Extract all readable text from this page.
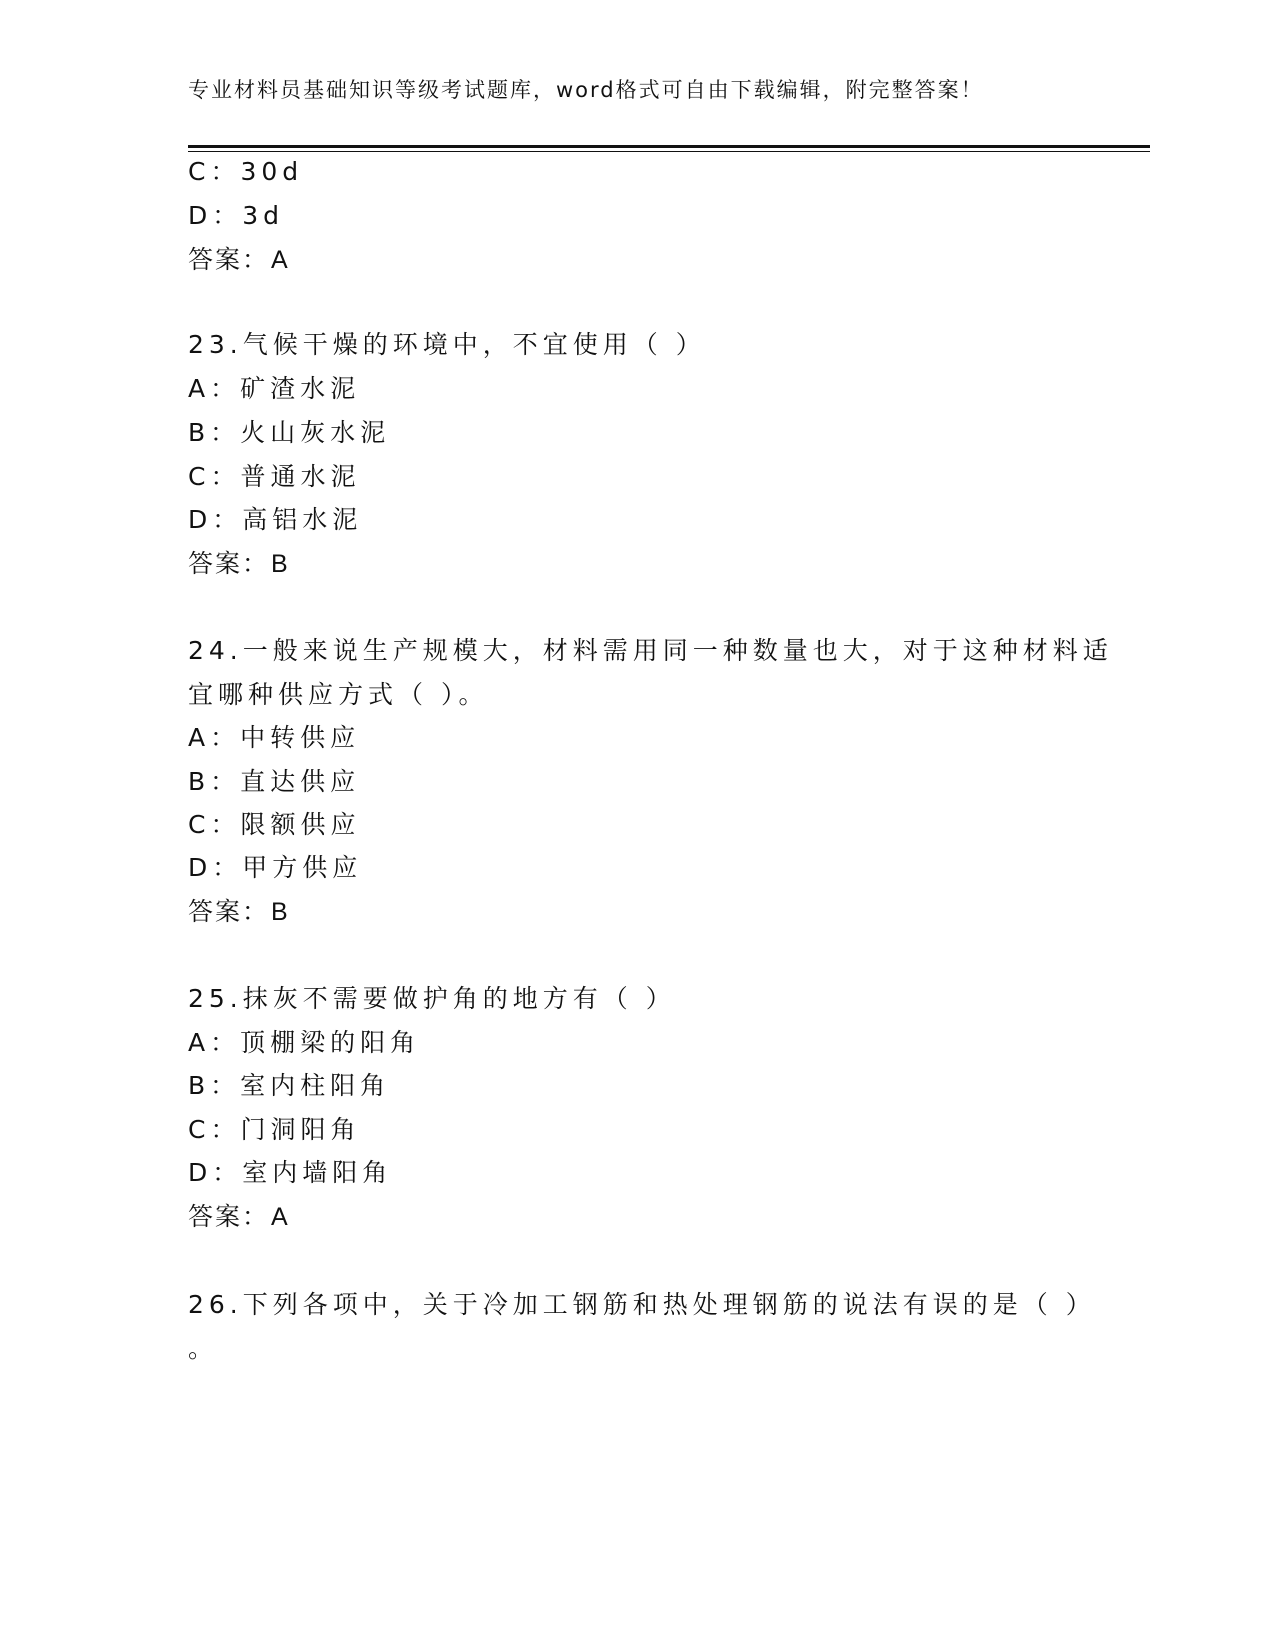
专业材料员基础知识等级考试题库，word格式可自由下载编辑，附完整答案！
C：30d
D：3d
答案：A
23.气候干燥的环境中，不宜使用（ ）
A：矿渣水泥
B：火山灰水泥
C：普通水泥
D：高铝水泥
答案：B
24.一般来说生产规模大，材料需用同一种数量也大，对于这种材料适
宜哪种供应方式（ ）。
A：中转供应
B：直达供应
C：限额供应
D：甲方供应
答案：B
25.抹灰不需要做护角的地方有（ ）
A：顶棚梁的阳角
B：室内柱阳角
C：门洞阳角
D：室内墙阳角
答案：A
26.下列各项中，关于冷加工钢筋和热处理钢筋的说法有误的是（ ）
。
